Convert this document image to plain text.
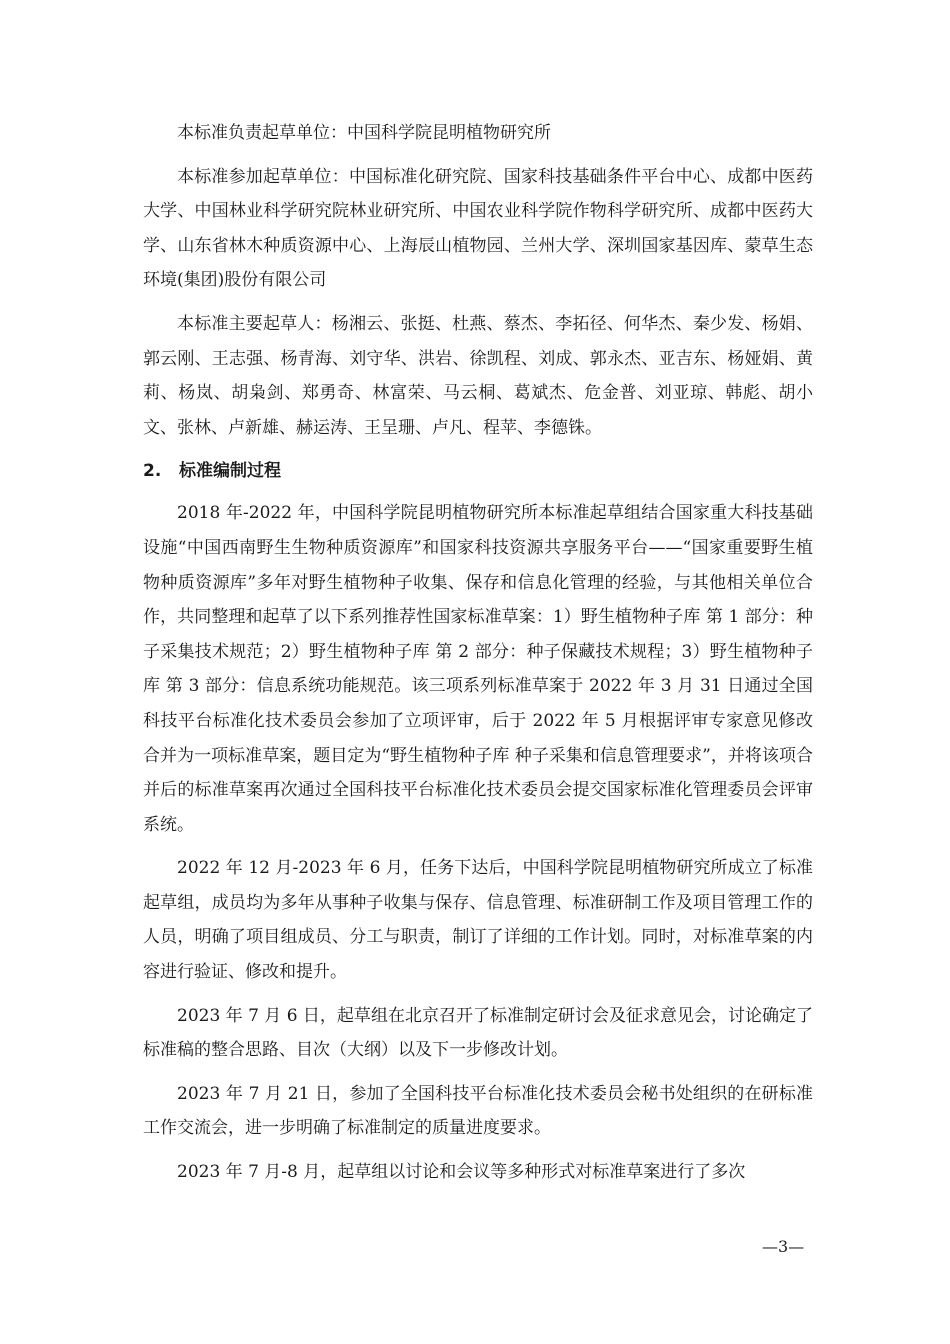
本标准负责起草单位：中国科学院昆明植物研究所

本标准参加起草单位：中国标准化研究院、国家科技基础条件平台中心、成都中医药大学、中国林业科学研究院林业研究所、中国农业科学院作物科学研究所、成都中医药大学、山东省林木种质资源中心、上海辰山植物园、兰州大学、深圳国家基因库、蒙草生态环境(集团)股份有限公司

本标准主要起草人：杨湘云、张挺、杜燕、蔡杰、李拓径、何华杰、秦少发、杨娟、郭云刚、王志强、杨青海、刘守华、洪岩、徐凯程、刘成、郭永杰、亚吉东、杨娅娟、黄莉、杨岚、胡枭剑、郑勇奇、林富荣、马云桐、葛斌杰、危金普、刘亚琼、韩彪、胡小文、张林、卢新雄、赫运涛、王呈珊、卢凡、程苹、李德铢。

2. 标准编制过程

2018 年-2022 年，中国科学院昆明植物研究所本标准起草组结合国家重大科技基础设施“中国西南野生生物种质资源库”和国家科技资源共享服务平台——“国家重要野生植物种质资源库”多年对野生植物种子收集、保存和信息化管理的经验，与其他相关单位合作，共同整理和起草了以下系列推荐性国家标准草案：1）野生植物种子库 第 1 部分：种子采集技术规范；2）野生植物种子库 第 2 部分：种子保藏技术规程；3）野生植物种子库 第 3 部分：信息系统功能规范。该三项系列标准草案于 2022 年 3 月 31 日通过全国科技平台标准化技术委员会参加了立项评审，后于 2022 年 5 月根据评审专家意见修改合并为一项标准草案，题目定为“野生植物种子库 种子采集和信息管理要求”，并将该项合并后的标准草案再次通过全国科技平台标准化技术委员会提交国家标准化管理委员会评审系统。

2022 年 12 月-2023 年 6 月，任务下达后，中国科学院昆明植物研究所成立了标准起草组，成员均为多年从事种子收集与保存、信息管理、标准研制工作及项目管理工作的人员，明确了项目组成员、分工与职责，制订了详细的工作计划。同时，对标准草案的内容进行验证、修改和提升。

2023 年 7 月 6 日，起草组在北京召开了标准制定研讨会及征求意见会，讨论确定了标准稿的整合思路、目次（大纲）以及下一步修改计划。

2023 年 7 月 21 日，参加了全国科技平台标准化技术委员会秘书处组织的在研标准工作交流会，进一步明确了标准制定的质量进度要求。

2023 年 7 月-8 月，起草组以讨论和会议等多种形式对标准草案进行了多次

—3—
